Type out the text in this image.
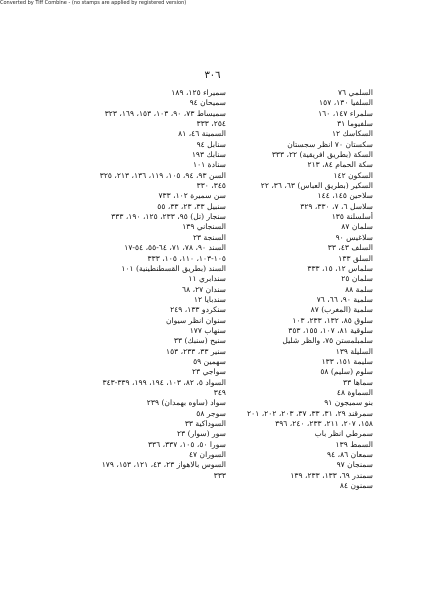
Converted by Tiff Combine - (no stamps are applied by registered version)
٣٠٦
السلمي ٧٦
السلفيا ١٣٠، ١٥٧
سلمراء ١٤٧، ١٦٠
سلفيوما ٣١
السكاسك ١٢
سكستان ٧٠ انظر سجستان
السكة (بطريق افريقية) ٢٢، ٣٣٣
سكة الحمام ٨٤، ٢١٣
السكون ١٤٢
السكير (بطريق العباس) ٦٣، ٣٦، ٢٢
سلاحين ١٤٥، ١٤٤
سلاسل ٦، ٧، ٣٣٠، ٣٢٩
أسلسلنة ١٣٥
سلمان ٨٧
سلاغيس ٩٠
السلف ٤٣، ٣٣
السلق ١٣٣
سلماس ١٢، ١٥، ٣٣٣
سلمان ٢٥
سلمة ٨٨
سلمية ٩٠، ٦٦، ٧٦
سلمية (المغرب) ٨٧
سلوق ٨٥، ١٣٢، ٢٣٣، ١٠٣
سلوقية ٨١، ١٠٧، ١٥٥، ٣٥٣
سلمبلمستن ٧٥، والظر شليل
السليلة ١٣٩
سليمة ١٥١، ١٣٣
سلوم (سليم) ٥٨
سماها ٣٣
السماوة ٤٨
بنو سميجون ٩١
سمرقند ٢٩، ٣١، ٣٣، ٣٧، ٢٠٣، ٢٠٢، ٢٠١
١٥٨، ٢٠٧، ٢١١، ٢٣٣، ٢٤٠، ٣٩٦
سمرطي انظر باب
السمط ١٣٩
سمعان ٨٦، ٩٤
سمنجان ٩٧
سمندر ٦٩، ١٣٣، ٢٣٣، ١٣٩
سمنون ٨٤
سميراء ١٢٥، ١٨٩
سميحان ٩٤
سميساط ٧٣، ٩٠، ١٠٣، ١٥٣، ١٦٩، ٣٢٣
٢٥٤، ٣٣٣
السمينة ٤٦، ٨١
سنابل ٩٤
سنابك ١٩٣
سنادة ١٠١
السن ٩٣، ٩٤، ١٠٥، ١١٩، ١٣٦، ٢١٣، ٣٢٥
٣٤٥، ٣٣٠
سن سميرة ١٠٢، ٧٣٣
سنبيل ٣٣، ٢٣، ٣٣، ٥٥
سنجار (تل) ٩٥، ٢٣٣، ١٢٥، ١٩٠، ٣٣٣
السنجاني ١٣٩
السنجة ٢٣
السند ٩٠، ٧٨، ٧١، ٦٤-٥٥، ٥٤-١٧
١٠٥-١٠٣، ١١٠، ١٠٥، ٣٣٣
السند (بطريق القسطنطينية) ١٠١
سندابري ١١
سندان ٢٧، ٦٨
سندبايا ١٢
سنكردو ١٣٣، ٢٤٩
سنوان انظر سيوان
سنهاب ١٧٧
سنيح (سنبك) ٣٣
سنير ٣٣، ٢٣٣، ١٥٣
سهمين ٥٩
سواجي ٢٣
السواد ٥، ٨٢، ١٠٣، ١٩٤، ١٩٩، ٣٣٩-٣٤٣
٣٤٩
سواد (ساوه بهمدان) ٢٣٩
سوجر ٥٨
السوداكية ٣٣
سور (سوار) ٢٣
سورا ٥٠، ١٠٥، ٣٣٧، ٣٣٦
السوران ٤٧
السوس بالاهواز ٢٣، ٤٣، ١٢١، ١٥٣، ١٧٩
٣٣٣
